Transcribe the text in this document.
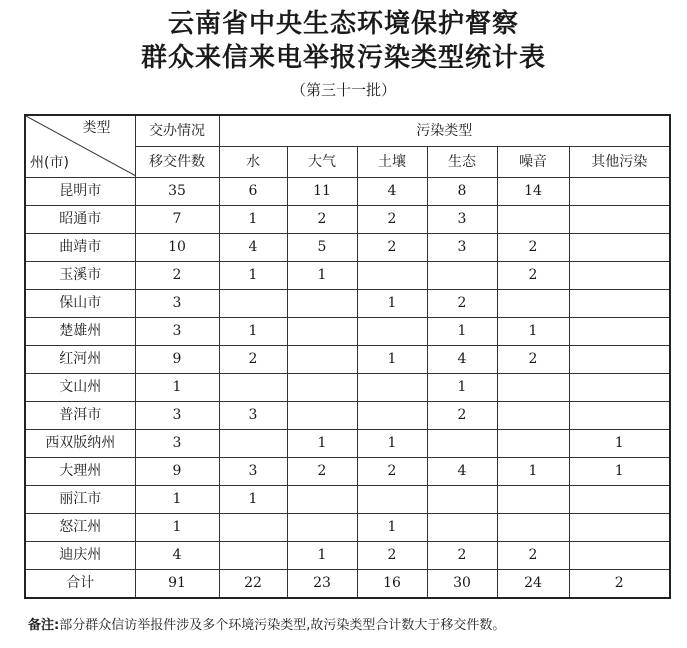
云南省中央生态环境保护督察
群众来信来电举报污染类型统计表
（第三十一批）
类型
州(市)	交办情况	污染类型					
	移交件数	水	大气	土壤	生态	噪音	其他污染
昆明市	35	6	11	4	8	14	
昭通市	7	1	2	2	3		
曲靖市	10	4	5	2	3	2	
玉溪市	2	1	1			2	
保山市	3			1	2		
楚雄州	3	1			1	1	
红河州	9	2		1	4	2	
文山州	1				1		
普洱市	3	3			2		
西双版纳州	3		1	1			1
大理州	9	3	2	2	4	1	1
丽江市	1	1					
怒江州	1			1			
迪庆州	4		1	2	2	2	
合计	91	22	23	16	30	24	2
备注:部分群众信访举报件涉及多个环境污染类型,故污染类型合计数大于移交件数。
